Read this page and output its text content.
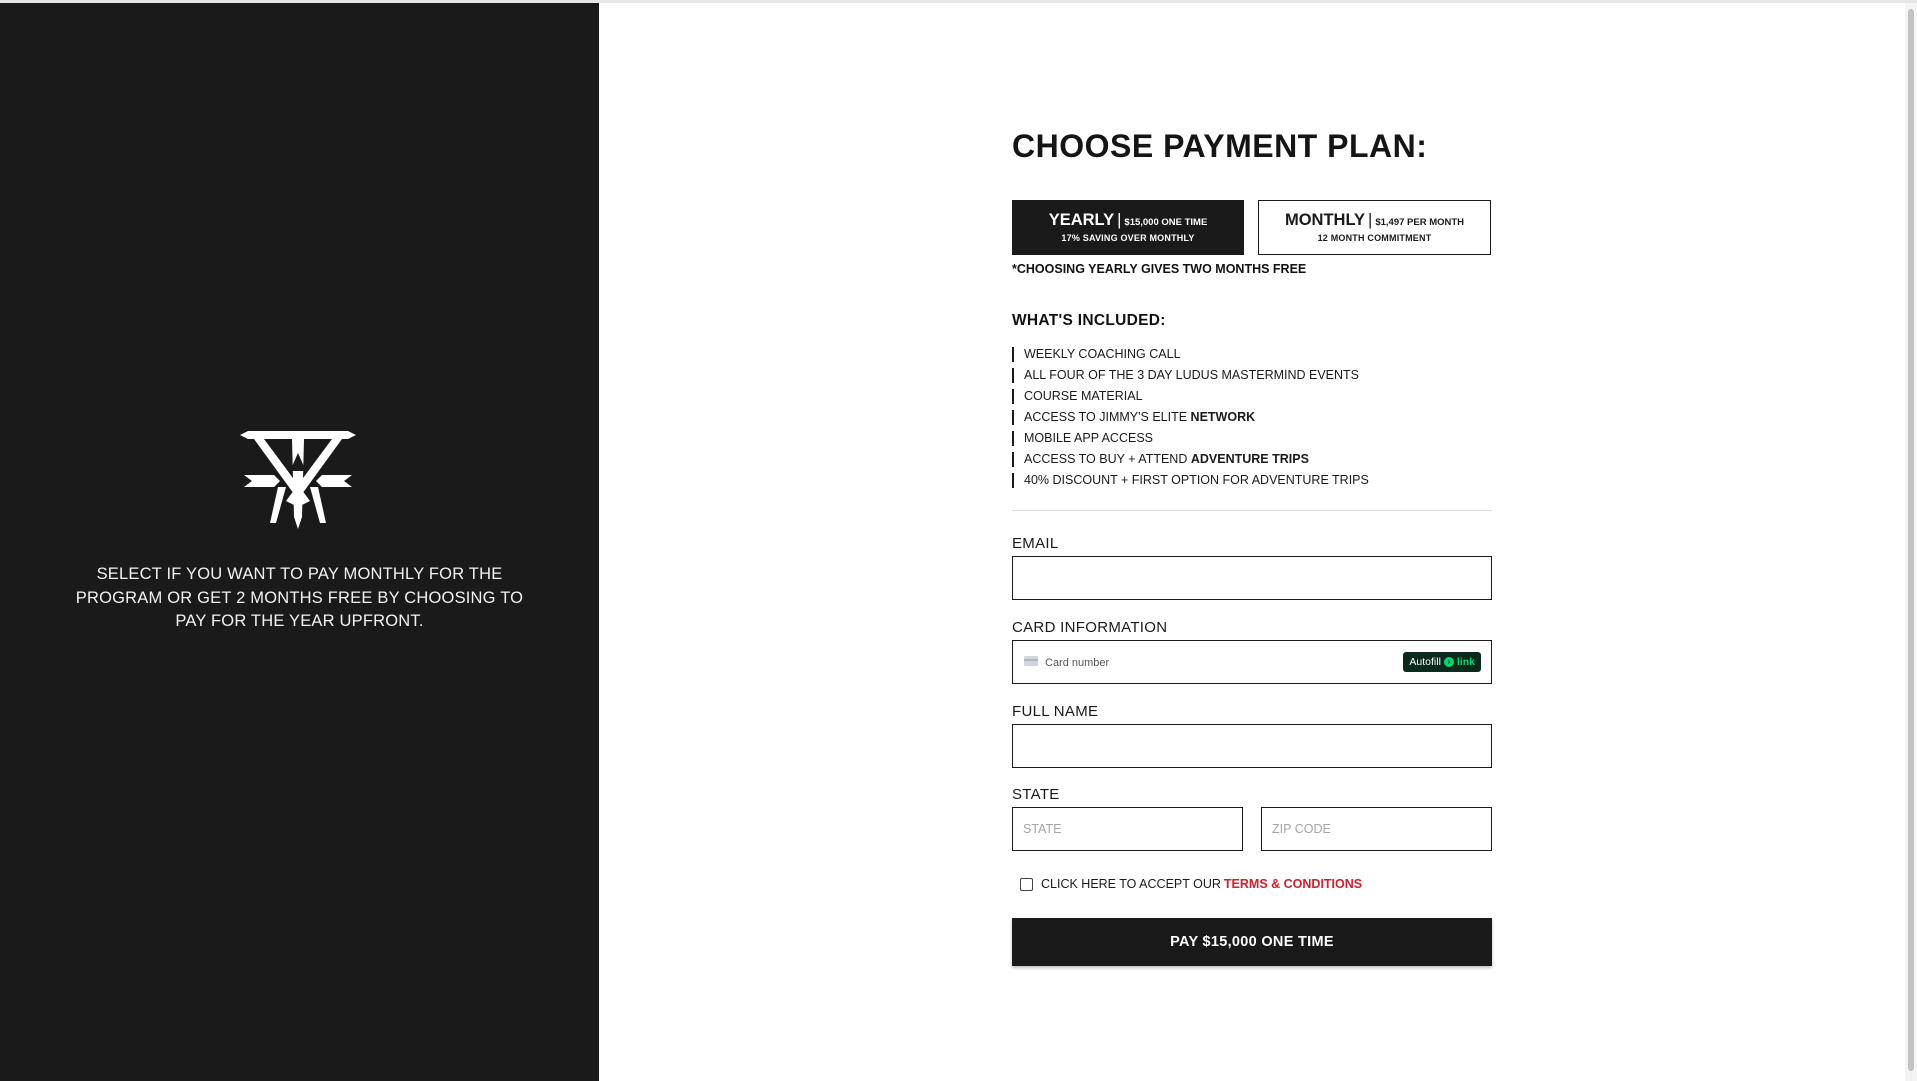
SELECT IF YOU WANT TO PAY MONTHLY FOR THE PROGRAM OR GET 2 MONTHS FREE BY CHOOSING TO PAY FOR THE YEAR UPFRONT.
CHOOSE PAYMENT PLAN:
YEARLY | $15,000 ONE TIME
17% SAVING OVER MONTHLY
MONTHLY | $1,497 PER MONTH
12 MONTH COMMITMENT
*CHOOSING YEARLY GIVES TWO MONTHS FREE
WHAT'S INCLUDED:
WEEKLY COACHING CALL
ALL FOUR OF THE 3 DAY LUDUS MASTERMIND EVENTS
COURSE MATERIAL
ACCESS TO JIMMY'S ELITE NETWORK
MOBILE APP ACCESS
ACCESS TO BUY + ATTEND ADVENTURE TRIPS
40% DISCOUNT + FIRST OPTION FOR ADVENTURE TRIPS
EMAIL
CARD INFORMATION
Card number
Autofill › link
FULL NAME
STATE
STATE
ZIP CODE
CLICK HERE TO ACCEPT OUR TERMS & CONDITIONS
PAY $15,000 ONE TIME
